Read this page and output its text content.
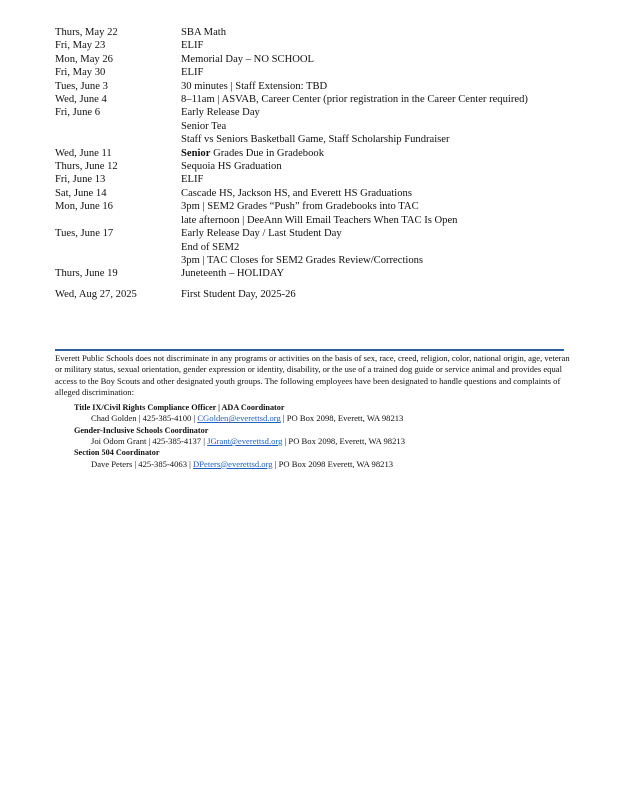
Thurs, May 22	SBA Math
Fri, May 23	ELIF
Mon, May 26	Memorial Day – NO SCHOOL
Fri, May 30	ELIF
Tues, June 3	30 minutes | Staff Extension: TBD
Wed, June 4	8–11am | ASVAB, Career Center (prior registration in the Career Center required)
Fri, June 6	Early Release Day
Senior Tea
Staff vs Seniors Basketball Game, Staff Scholarship Fundraiser
Wed, June 11	Senior Grades Due in Gradebook
Thurs, June 12	Sequoia HS Graduation
Fri, June 13	ELIF
Sat, June 14	Cascade HS, Jackson HS, and Everett HS Graduations
Mon, June 16	3pm | SEM2 Grades “Push” from Gradebooks into TAC
late afternoon | DeeAnn Will Email Teachers When TAC Is Open
Tues, June 17	Early Release Day / Last Student Day
End of SEM2
3pm | TAC Closes for SEM2 Grades Review/Corrections
Thurs, June 19	Juneteenth – HOLIDAY
Wed, Aug 27, 2025	First Student Day, 2025-26

Everett Public Schools does not discriminate in any programs or activities on the basis of sex, race, creed, religion, color, national origin, age, veteran or military status, sexual orientation, gender expression or identity, disability, or the use of a trained dog guide or service animal and provides equal access to the Boy Scouts and other designated youth groups. The following employees have been designated to handle questions and complaints of alleged discrimination:

Title IX/Civil Rights Compliance Officer | ADA Coordinator
Chad Golden | 425-385-4100 | CGolden@everettsd.org | PO Box 2098, Everett, WA 98213
Gender-Inclusive Schools Coordinator
Joi Odom Grant | 425-385-4137 | JGrant@everettsd.org | PO Box 2098, Everett, WA 98213
Section 504 Coordinator
Dave Peters | 425-385-4063 | DPeters@everettsd.org | PO Box 2098 Everett, WA 98213
